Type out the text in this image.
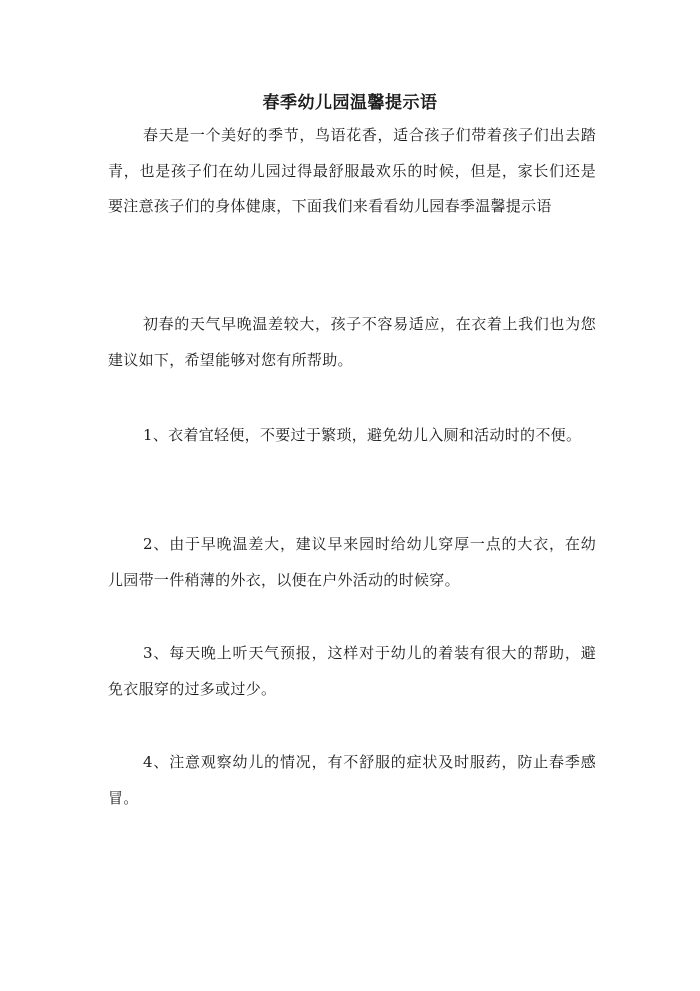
春季幼儿园温馨提示语
春天是一个美好的季节，鸟语花香，适合孩子们带着孩子们出去踏青，也是孩子们在幼儿园过得最舒服最欢乐的时候，但是，家长们还是要注意孩子们的身体健康，下面我们来看看幼儿园春季温馨提示语
初春的天气早晚温差较大，孩子不容易适应，在衣着上我们也为您建议如下，希望能够对您有所帮助。
1、衣着宜轻便，不要过于繁琐，避免幼儿入厕和活动时的不便。
2、由于早晚温差大，建议早来园时给幼儿穿厚一点的大衣，在幼儿园带一件稍薄的外衣，以便在户外活动的时候穿。
3、每天晚上听天气预报，这样对于幼儿的着装有很大的帮助，避免衣服穿的过多或过少。
4、注意观察幼儿的情况，有不舒服的症状及时服药，防止春季感冒。
